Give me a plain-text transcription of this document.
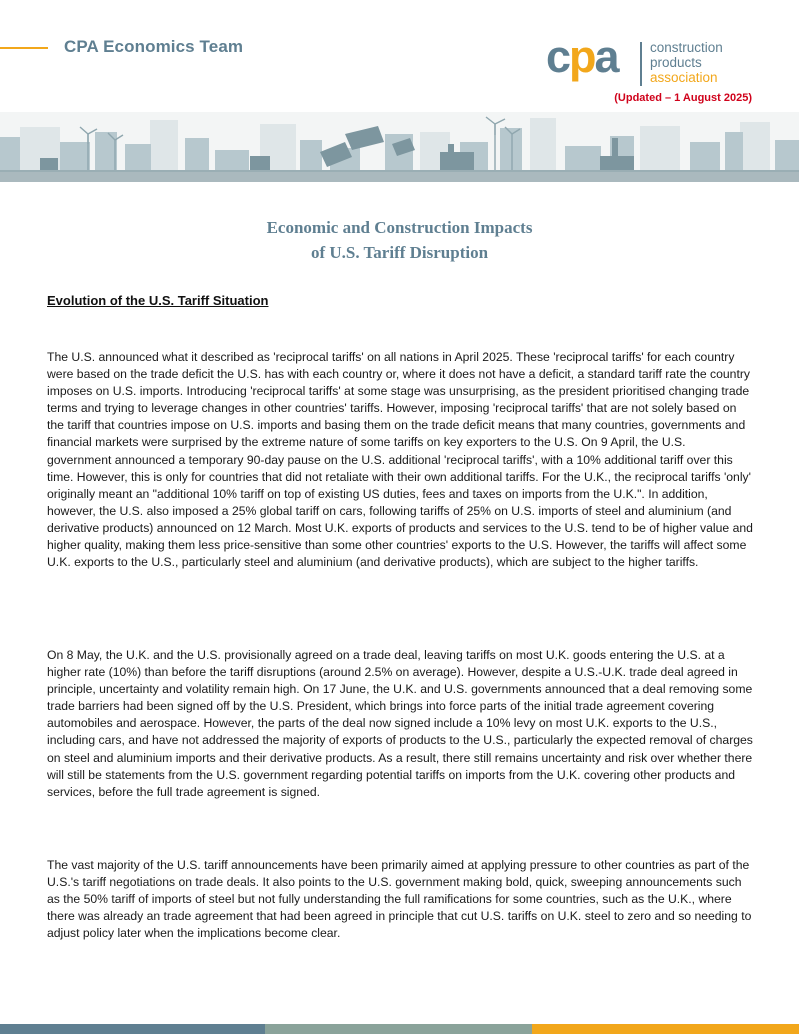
CPA Economics Team	cpa construction
products
association
(Updated – 1 August 2025)
Economic and Construction Impacts
of U.S. Tariff Disruption
Evolution of the U.S. Tariff Situation

The U.S. announced what it described as 'reciprocal tariffs' on all nations in April 2025. These 'reciprocal tariffs' for each country were based on the trade deficit the U.S. has with each country or, where it does not have a deficit, a standard tariff rate the country imposes on U.S. imports. Introducing 'reciprocal tariffs' at some stage was unsurprising, as the president prioritised changing trade terms and trying to leverage changes in other countries' tariffs. However, imposing 'reciprocal tariffs' that are not solely based on the tariff that countries impose on U.S. imports and basing them on the trade deficit means that many countries, governments and financial markets were surprised by the extreme nature of some tariffs on key exporters to the U.S. On 9 April, the U.S. government announced a temporary 90-day pause on the U.S. additional 'reciprocal tariffs', with a 10% additional tariff over this time. However, this is only for countries that did not retaliate with their own additional tariffs. For the U.K., the reciprocal tariffs 'only' originally meant an "additional 10% tariff on top of existing US duties, fees and taxes on imports from the U.K.". In addition, however, the U.S. also imposed a 25% global tariff on cars, following tariffs of 25% on U.S. imports of steel and aluminium (and derivative products) announced on 12 March. Most U.K. exports of products and services to the U.S. tend to be of higher value and higher quality, making them less price-sensitive than some other countries' exports to the U.S. However, the tariffs will affect some U.K. exports to the U.S., particularly steel and aluminium (and derivative products), which are subject to the higher tariffs.

On 8 May, the U.K. and the U.S. provisionally agreed on a trade deal, leaving tariffs on most U.K. goods entering the U.S. at a higher rate (10%) than before the tariff disruptions (around 2.5% on average). However, despite a U.S.-U.K. trade deal agreed in principle, uncertainty and volatility remain high. On 17 June, the U.K. and U.S. governments announced that a deal removing some trade barriers had been signed off by the U.S. President, which brings into force parts of the initial trade agreement covering automobiles and aerospace. However, the parts of the deal now signed include a 10% levy on most U.K. exports to the U.S., including cars, and have not addressed the majority of exports of products to the U.S., particularly the expected removal of charges on steel and aluminium imports and their derivative products. As a result, there still remains uncertainty and risk over whether there will still be statements from the U.S. government regarding potential tariffs on imports from the U.K. covering other products and services, before the full trade agreement is signed.

The vast majority of the U.S. tariff announcements have been primarily aimed at applying pressure to other countries as part of the U.S.'s tariff negotiations on trade deals. It also points to the U.S. government making bold, quick, sweeping announcements such as the 50% tariff of imports of steel but not fully understanding the full ramifications for some countries, such as the U.K., where there was already an trade agreement that had been agreed in principle that cut U.S. tariffs on U.K. steel to zero and so needing to adjust policy later when the implications become clear.
